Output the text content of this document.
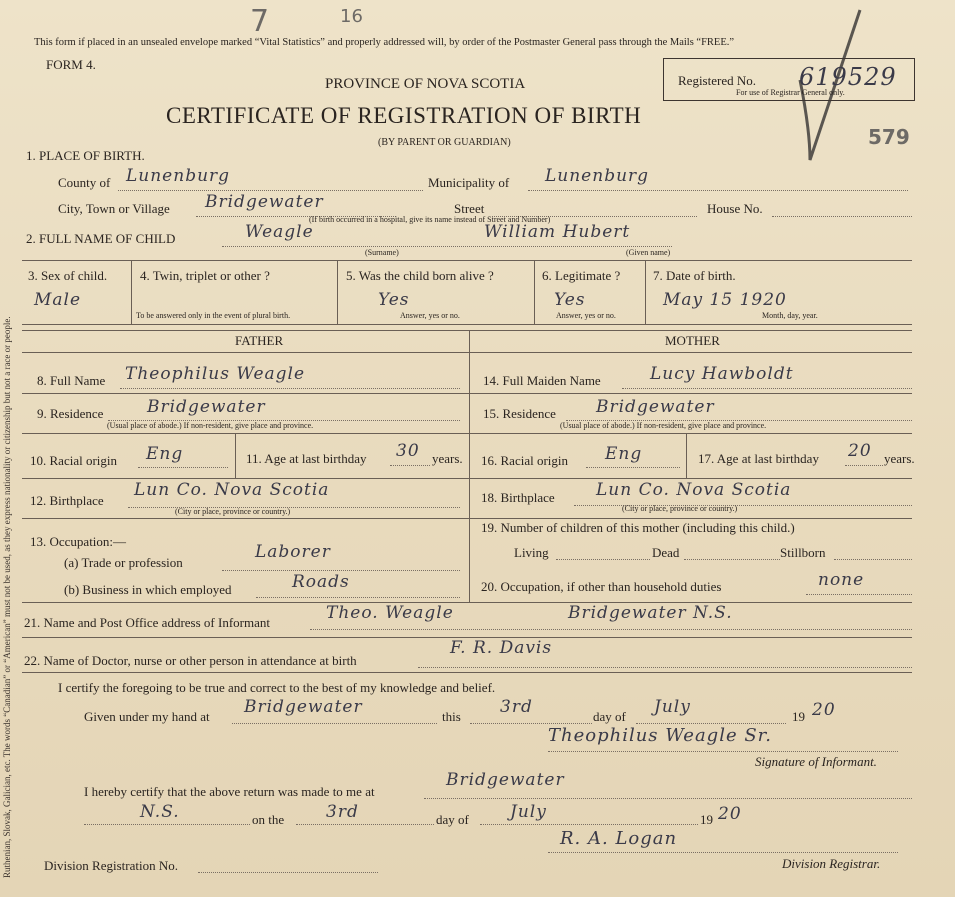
Ruthenian, Slovak, Galician, etc. The words “Canadian” or “American” must not be used, as they express nationality or citizenship but not a race or people.
7	16
579
This form if placed in an unsealed envelope marked “Vital Statistics” and properly addressed will, by order of the Postmaster General pass through the Mails “FREE.”
FORM 4.
PROVINCE OF NOVA SCOTIA
CERTIFICATE OF REGISTRATION OF BIRTH
(BY PARENT OR GUARDIAN)
Registered No. 619529
For use of Registrar General only.
1. PLACE OF BIRTH.
County of Lunenburg	Municipality of Lunenburg
City, Town or Village Bridgewater	Street	House No.
(If birth occurred in a hospital, give its name instead of Street and Number)
2. FULL NAME OF CHILD	Weagle	William Hubert
(Surname)	(Given name)
3. Sex of child.
Male
4. Twin, triplet or other ?
To be answered only in the event of plural birth.
5. Was the child born alive ?
Yes
Answer, yes or no.
6. Legitimate ?
Yes
Answer, yes or no.
7. Date of birth.
May 15 1920
Month, day, year.
FATHER	MOTHER
8. Full Name Theophilus Weagle
9. Residence	Bridgewater
(Usual place of abode.) If non-resident, give place and province.
10. Racial origin Eng	11. Age at last birthday 30 years.
12. Birthplace
Lun Co. Nova Scotia
(City or place, province or country.)
13. Occupation:—
(a) Trade or profession
Laborer
(b) Business in which employed	Roads
14. Full Maiden Name	Lucy Hawboldt
15. Residence Bridgewater
(Usual place of abode.) If non-resident, give place and province.
16. Racial origin Eng	17. Age at last birthday 20 years.
18. Birthplace Lun Co. Nova Scotia
(City or place, province or country.)
19. Number of children of this mother (including this child.)
Living	Dead	Stillborn
20. Occupation, if other than household duties	none
21. Name and Post Office address of Informant	Theo. Weagle	Bridgewater N.S.
22. Name of Doctor, nurse or other person in attendance at birth
F. R. Davis
I certify the foregoing to be true and correct to the best of my knowledge and belief.
Given under my hand at Bridgewater	this 3rd	day of July	19 20
Theophilus Weagle Sr.
Signature of Informant.
I hereby certify that the above return was made to me at
Bridgewater
N.S.	on the 3rd	day of July	19 20
R. A. Logan
Division Registration No.	Division Registrar.
